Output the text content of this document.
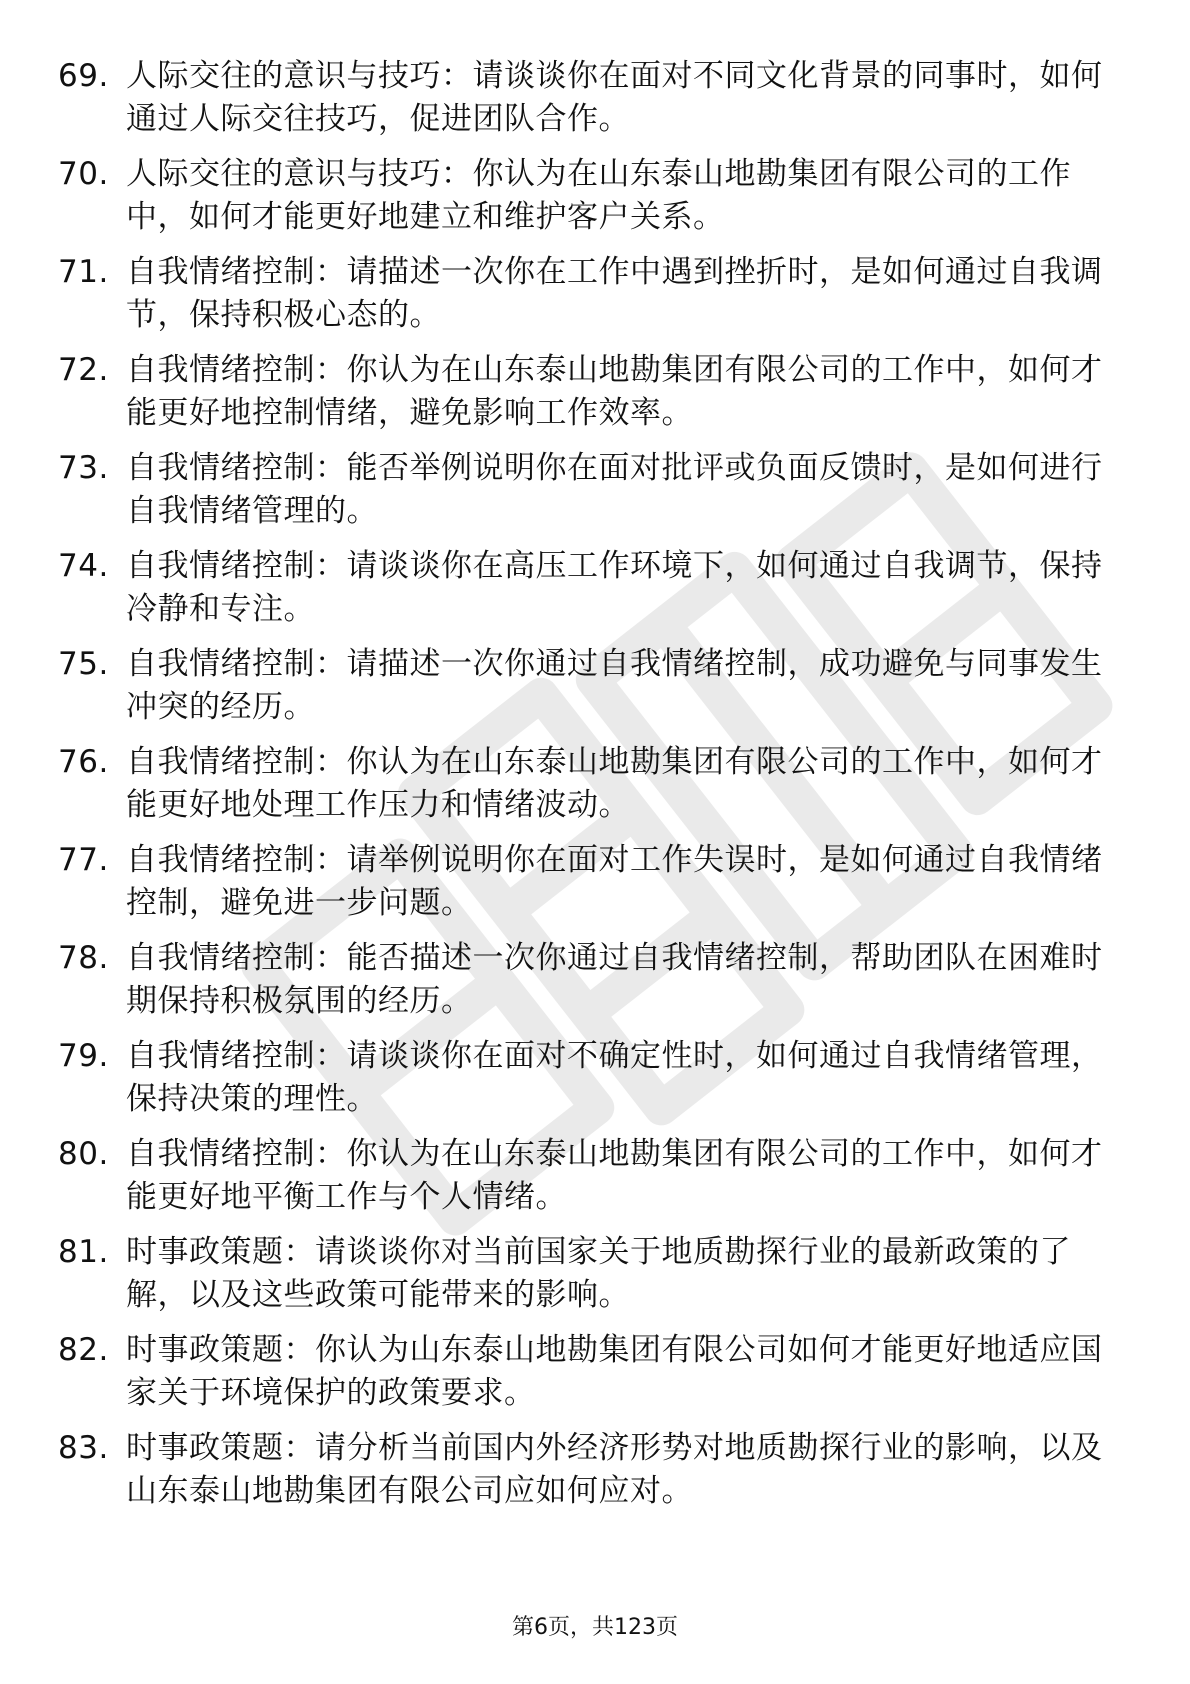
69. 人际交往的意识与技巧：请谈谈你在面对不同文化背景的同事时，如何通过人际交往技巧，促进团队合作。
70. 人际交往的意识与技巧：你认为在山东泰山地勘集团有限公司的工作中，如何才能更好地建立和维护客户关系。
71. 自我情绪控制：请描述一次你在工作中遇到挫折时，是如何通过自我调节，保持积极心态的。
72. 自我情绪控制：你认为在山东泰山地勘集团有限公司的工作中，如何才能更好地控制情绪，避免影响工作效率。
73. 自我情绪控制：能否举例说明你在面对批评或负面反馈时，是如何进行自我情绪管理的。
74. 自我情绪控制：请谈谈你在高压工作环境下，如何通过自我调节，保持冷静和专注。
75. 自我情绪控制：请描述一次你通过自我情绪控制，成功避免与同事发生冲突的经历。
76. 自我情绪控制：你认为在山东泰山地勘集团有限公司的工作中，如何才能更好地处理工作压力和情绪波动。
77. 自我情绪控制：请举例说明你在面对工作失误时，是如何通过自我情绪控制，避免进一步问题。
78. 自我情绪控制：能否描述一次你通过自我情绪控制，帮助团队在困难时期保持积极氛围的经历。
79. 自我情绪控制：请谈谈你在面对不确定性时，如何通过自我情绪管理，保持决策的理性。
80. 自我情绪控制：你认为在山东泰山地勘集团有限公司的工作中，如何才能更好地平衡工作与个人情绪。
81. 时事政策题：请谈谈你对当前国家关于地质勘探行业的最新政策的了解，以及这些政策可能带来的影响。
82. 时事政策题：你认为山东泰山地勘集团有限公司如何才能更好地适应国家关于环境保护的政策要求。
83. 时事政策题：请分析当前国内外经济形势对地质勘探行业的影响，以及山东泰山地勘集团有限公司应如何应对。
第6页，共123页
